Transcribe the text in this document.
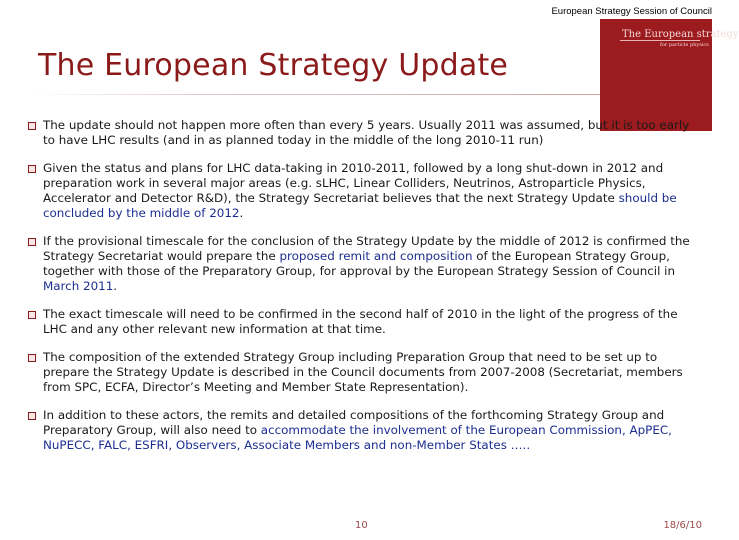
European Strategy Session of Council
The European strategy
for particle physics
The European Strategy Update
The update should not happen more often than every 5 years. Usually 2011 was assumed, but it is too early to have LHC results (and in as planned today in the middle of the long 2010-11 run)
Given the status and plans for LHC data-taking in 2010-2011, followed by a long shut-down in 2012 and preparation work in several major areas (e.g. sLHC, Linear Colliders, Neutrinos, Astroparticle Physics, Accelerator and Detector R&D), the Strategy Secretariat believes that the next Strategy Update should be concluded by the middle of 2012.
If the provisional timescale for the conclusion of the Strategy Update by the middle of 2012 is confirmed the Strategy Secretariat would prepare the proposed remit and composition of the European Strategy Group, together with those of the Preparatory Group, for approval by the European Strategy Session of Council in March 2011.
The exact timescale will need to be confirmed in the second half of 2010 in the light of the progress of the LHC and any other relevant new information at that time.
The composition of the extended Strategy Group including Preparation Group that need to be set up to prepare the Strategy Update is described in the Council documents from 2007-2008 (Secretariat, members from SPC, ECFA, Director’s Meeting and Member State Representation).
In addition to these actors, the remits and detailed compositions of the forthcoming Strategy Group and Preparatory Group, will also need to accommodate the involvement of the European Commission, ApPEC, NuPECC, FALC, ESFRI, Observers, Associate Members and non-Member States …..
10	18/6/10
